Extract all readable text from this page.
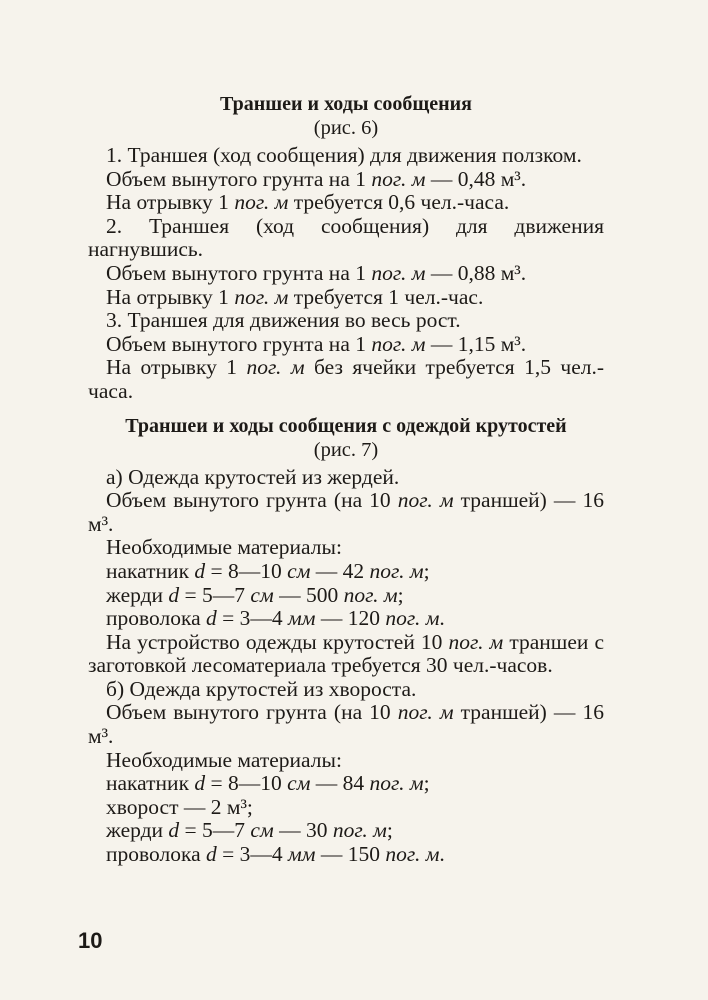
Траншеи и ходы сообщения
(рис. 6)
1. Траншея (ход сообщения) для движения ползком.
Объем вынутого грунта на 1 пог. м — 0,48 м³.
На отрывку 1 пог. м требуется 0,6 чел.-часа.
2. Траншея (ход сообщения) для движения нагнувшись.
Объем вынутого грунта на 1 пог. м — 0,88 м³.
На отрывку 1 пог. м требуется 1 чел.-час.
3. Траншея для движения во весь рост.
Объем вынутого грунта на 1 пог. м — 1,15 м³.
На отрывку 1 пог. м без ячейки требуется 1,5 чел.-часа.
Траншеи и ходы сообщения с одеждой крутостей
(рис. 7)
а) Одежда крутостей из жердей.
Объем вынутого грунта (на 10 пог. м траншей) — 16 м³.
Необходимые материалы:
накатник d = 8—10 см — 42 пог. м;
жерди d = 5—7 см — 500 пог. м;
проволока d = 3—4 мм — 120 пог. м.
На устройство одежды крутостей 10 пог. м траншеи с заготовкой лесоматериала требуется 30 чел.-часов.
б) Одежда крутостей из хвороста.
Объем вынутого грунта (на 10 пог. м траншей) — 16 м³.
Необходимые материалы:
накатник d = 8—10 см — 84 пог. м;
хворост — 2 м³;
жерди d = 5—7 см — 30 пог. м;
проволока d = 3—4 мм — 150 пог. м.
10
